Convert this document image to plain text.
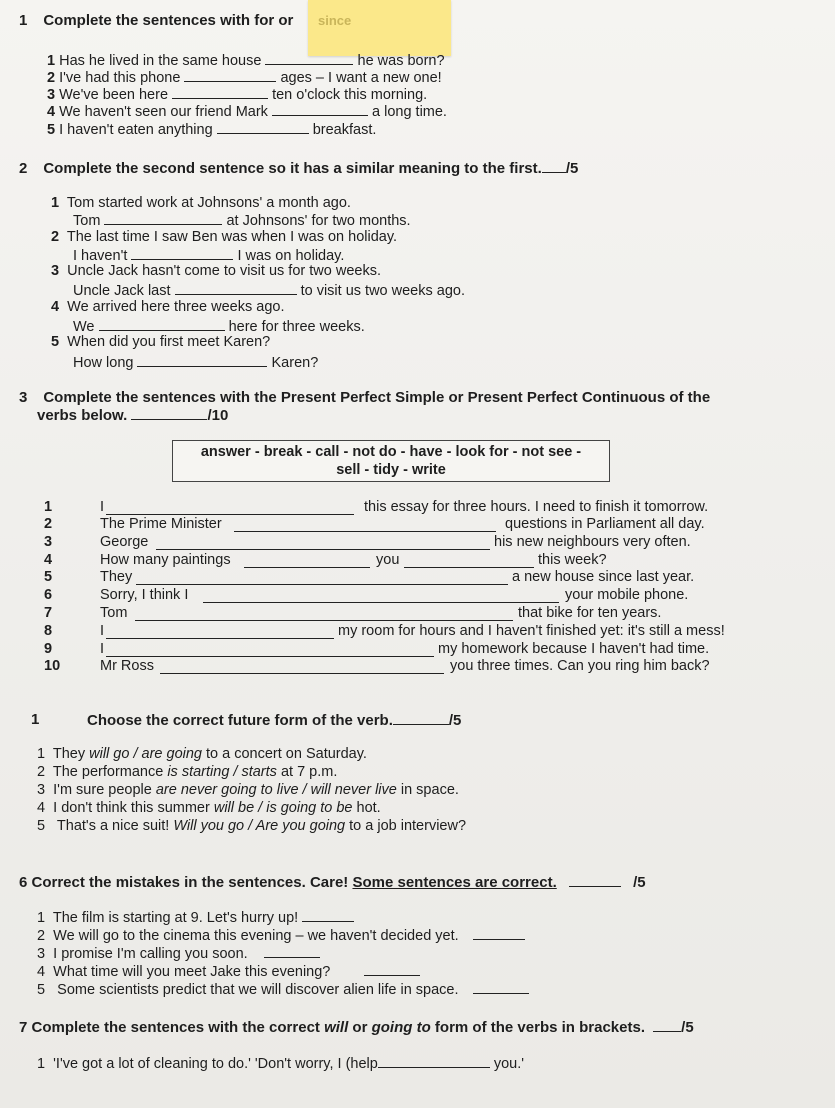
1 Complete the sentences with for or since
1 Has he lived in the same house	he was born?
2 I've had this phone	ages – I want a new one!
3 We've been here	ten o'clock this morning.
4 We haven't seen our friend Mark	a long time.
5 I haven't eaten anything	breakfast.
2 Complete the second sentence so it has a similar meaning to the first. /5
1 Tom started work at Johnsons' a month ago.
Tom	at Johnsons' for two months.
2 The last time I saw Ben was when I was on holiday.
I haven't	I was on holiday.
3 Uncle Jack hasn't come to visit us for two weeks.
Uncle Jack last	to visit us two weeks ago.
4 We arrived here three weeks ago.
We	here for three weeks.
5 When did you first meet Karen?
How long	Karen?
3 Complete the sentences with the Present Perfect Simple or Present Perfect Continuous of the
verbs below.	/10
answer - break - call - not do - have - look for - not see -
sell - tidy - write
1	I	this essay for three hours. I need to finish it tomorrow.
2	The Prime Minister	questions in Parliament all day.
3	George	his new neighbours very often.
4	How many paintings	you	this week?
5	They	a new house since last year.
6	Sorry, I think I	your mobile phone.
7	Tom	that bike for ten years.
8	I	my room for hours and I haven't finished yet: it's still a mess!
9	I	my homework because I haven't had time.
10	Mr Ross	you three times. Can you ring him back?
1	Choose the correct future form of the verb.	/5
1 They will go / are going to a concert on Saturday.
2 The performance is starting / starts at 7 p.m.
3 I'm sure people are never going to live / will never live in space.
4 I don't think this summer will be / is going to be hot.
5 That's a nice suit! Will you go / Are you going to a job interview?
6 Correct the mistakes in the sentences. Care! Some sentences are correct.	/5
1 The film is starting at 9. Let's hurry up!
2 We will go to the cinema this evening – we haven't decided yet.
3 I promise I'm calling you soon.
4 What time will you meet Jake this evening?
5 Some scientists predict that we will discover alien life in space.
7 Complete the sentences with the correct will or going to form of the verbs in brackets. /5
1 'I've got a lot of cleaning to do.' 'Don't worry, I (help	you.'
